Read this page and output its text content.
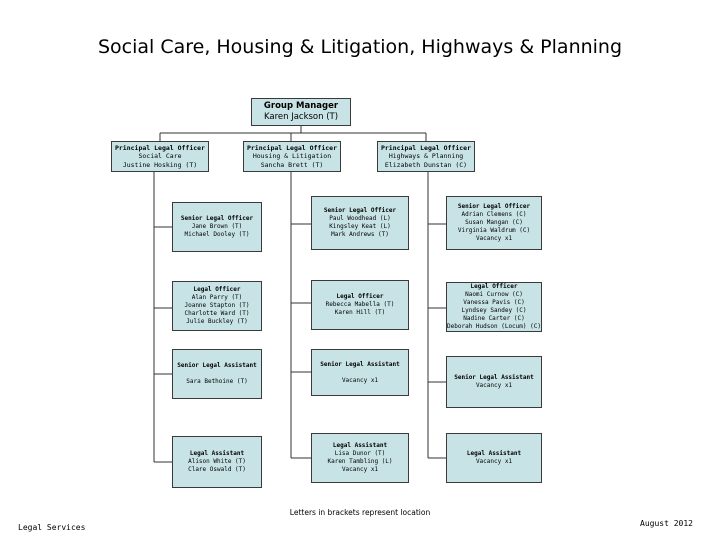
Social Care, Housing & Litigation, Highways & Planning
Group Manager
Karen Jackson (T)
Principal Legal Officer
Social Care
Justine Hosking (T)
Principal Legal Officer
Housing & Litigation
Sancha Brett (T)
Principal Legal Officer
Highways & Planning
Elizabeth Dunstan (C)
Senior Legal Officer
Jane Brown (T)
Michael Dooley (T)
Senior Legal Officer
Paul Woodhead (L)
Kingsley Keat (L)
Mark Andrews (T)
Senior Legal Officer
Adrian Clemens (C)
Susan Mangan (C)
Virginia Waldrum (C)
Vacancy x1
Legal Officer
Alan Parry (T)
Joanne Stapton (T)
Charlotte Ward (T)
Julie Buckley (T)
Legal Officer
Rebecca Mabella (T)
Karen Hill (T)
Legal Officer
Naomi Curnow (C)
Vanessa Pavis (C)
Lyndsey Sandey (C)
Nadine Carter (C)
Deborah Hudson (Locum) (C)
Senior Legal Assistant
Sara Bethoine (T)
Senior Legal Assistant
Vacancy x1	Senior Legal Assistant
Vacancy x1
Legal Assistant
Alison White (T)
Clare Oswald (T)
Legal Assistant
Lisa Dunor (T)
Karen Tambling (L)
Vacancy x1
Legal Assistant
Vacancy x1
Letters in brackets represent location
Legal Services	August 2012
